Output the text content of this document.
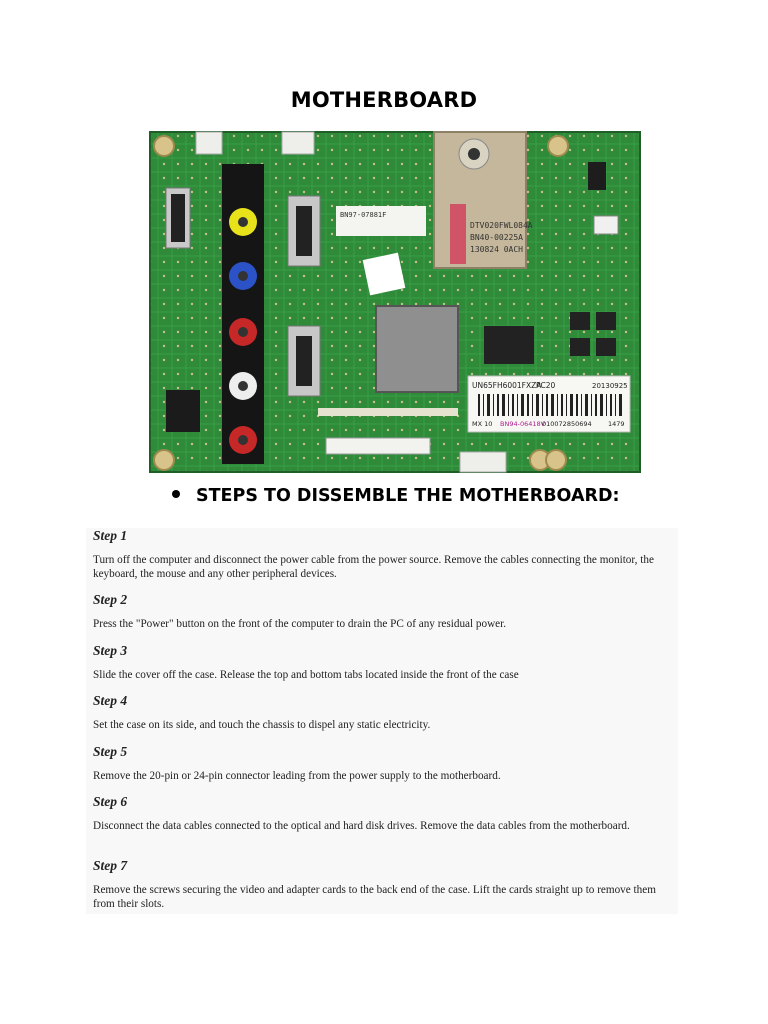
MOTHERBOARD
BN97-07881F
DTV020FWL084A
BN40-00225A
130824 0ACH
UN65FH6001FXZA
PC20	20130925
MX 10 BN94-06418V
010072850694	1479
STEPS TO DISSEMBLE THE MOTHERBOARD:
Step 1
Turn off the computer and disconnect the power cable from the power source. Remove the cables connecting the monitor, the keyboard, the mouse and any other peripheral devices.
Step 2
Press the "Power" button on the front of the computer to drain the PC of any residual power.
Step 3
Slide the cover off the case. Release the top and bottom tabs located inside the front of the case
Step 4
Set the case on its side, and touch the chassis to dispel any static electricity.
Step 5
Remove the 20-pin or 24-pin connector leading from the power supply to the motherboard.
Step 6
Disconnect the data cables connected to the optical and hard disk drives. Remove the data cables from the motherboard.
Step 7
Remove the screws securing the video and adapter cards to the back end of the case. Lift the cards straight up to remove them from their slots.
